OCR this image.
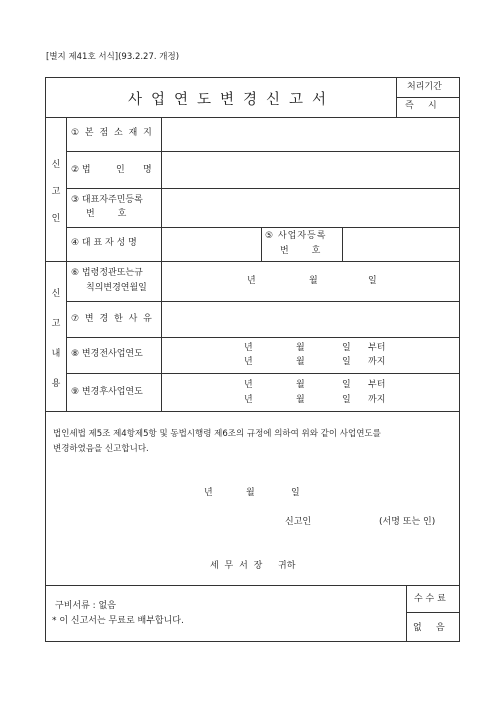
[별지 제41호 서식](93.2.27. 개정)
사업연도변경신고서
처리기간
즉     시
신
고
인
① 본 점 소 재 지
② 법	인 명
③ 대표자주민등록
번        호
④ 대 표 자 성 명
⑤ 사업자등록
번        호
신
고
내
용
⑥ 법령정관또는규
칙의변경연월일
년	월	일
⑦ 변 경 한 사 유
⑧ 변경전사업연도
년	월	일 부터
년	월	일 까지
⑨ 변경후사업연도
년	월	일 부터
년	월	일 까지
법인세법 제5조 제4항제5항 및 동법시행령 제6조의 규정에 의하여 위와 같이 사업연도를
변경하였음을 신고합니다.
년	월	일
신고인	(서명 또는 인)
세 무 서 장 귀하
구비서류 : 없음
* 이 신고서는 무료로 배부합니다.
수 수 료
없     음
